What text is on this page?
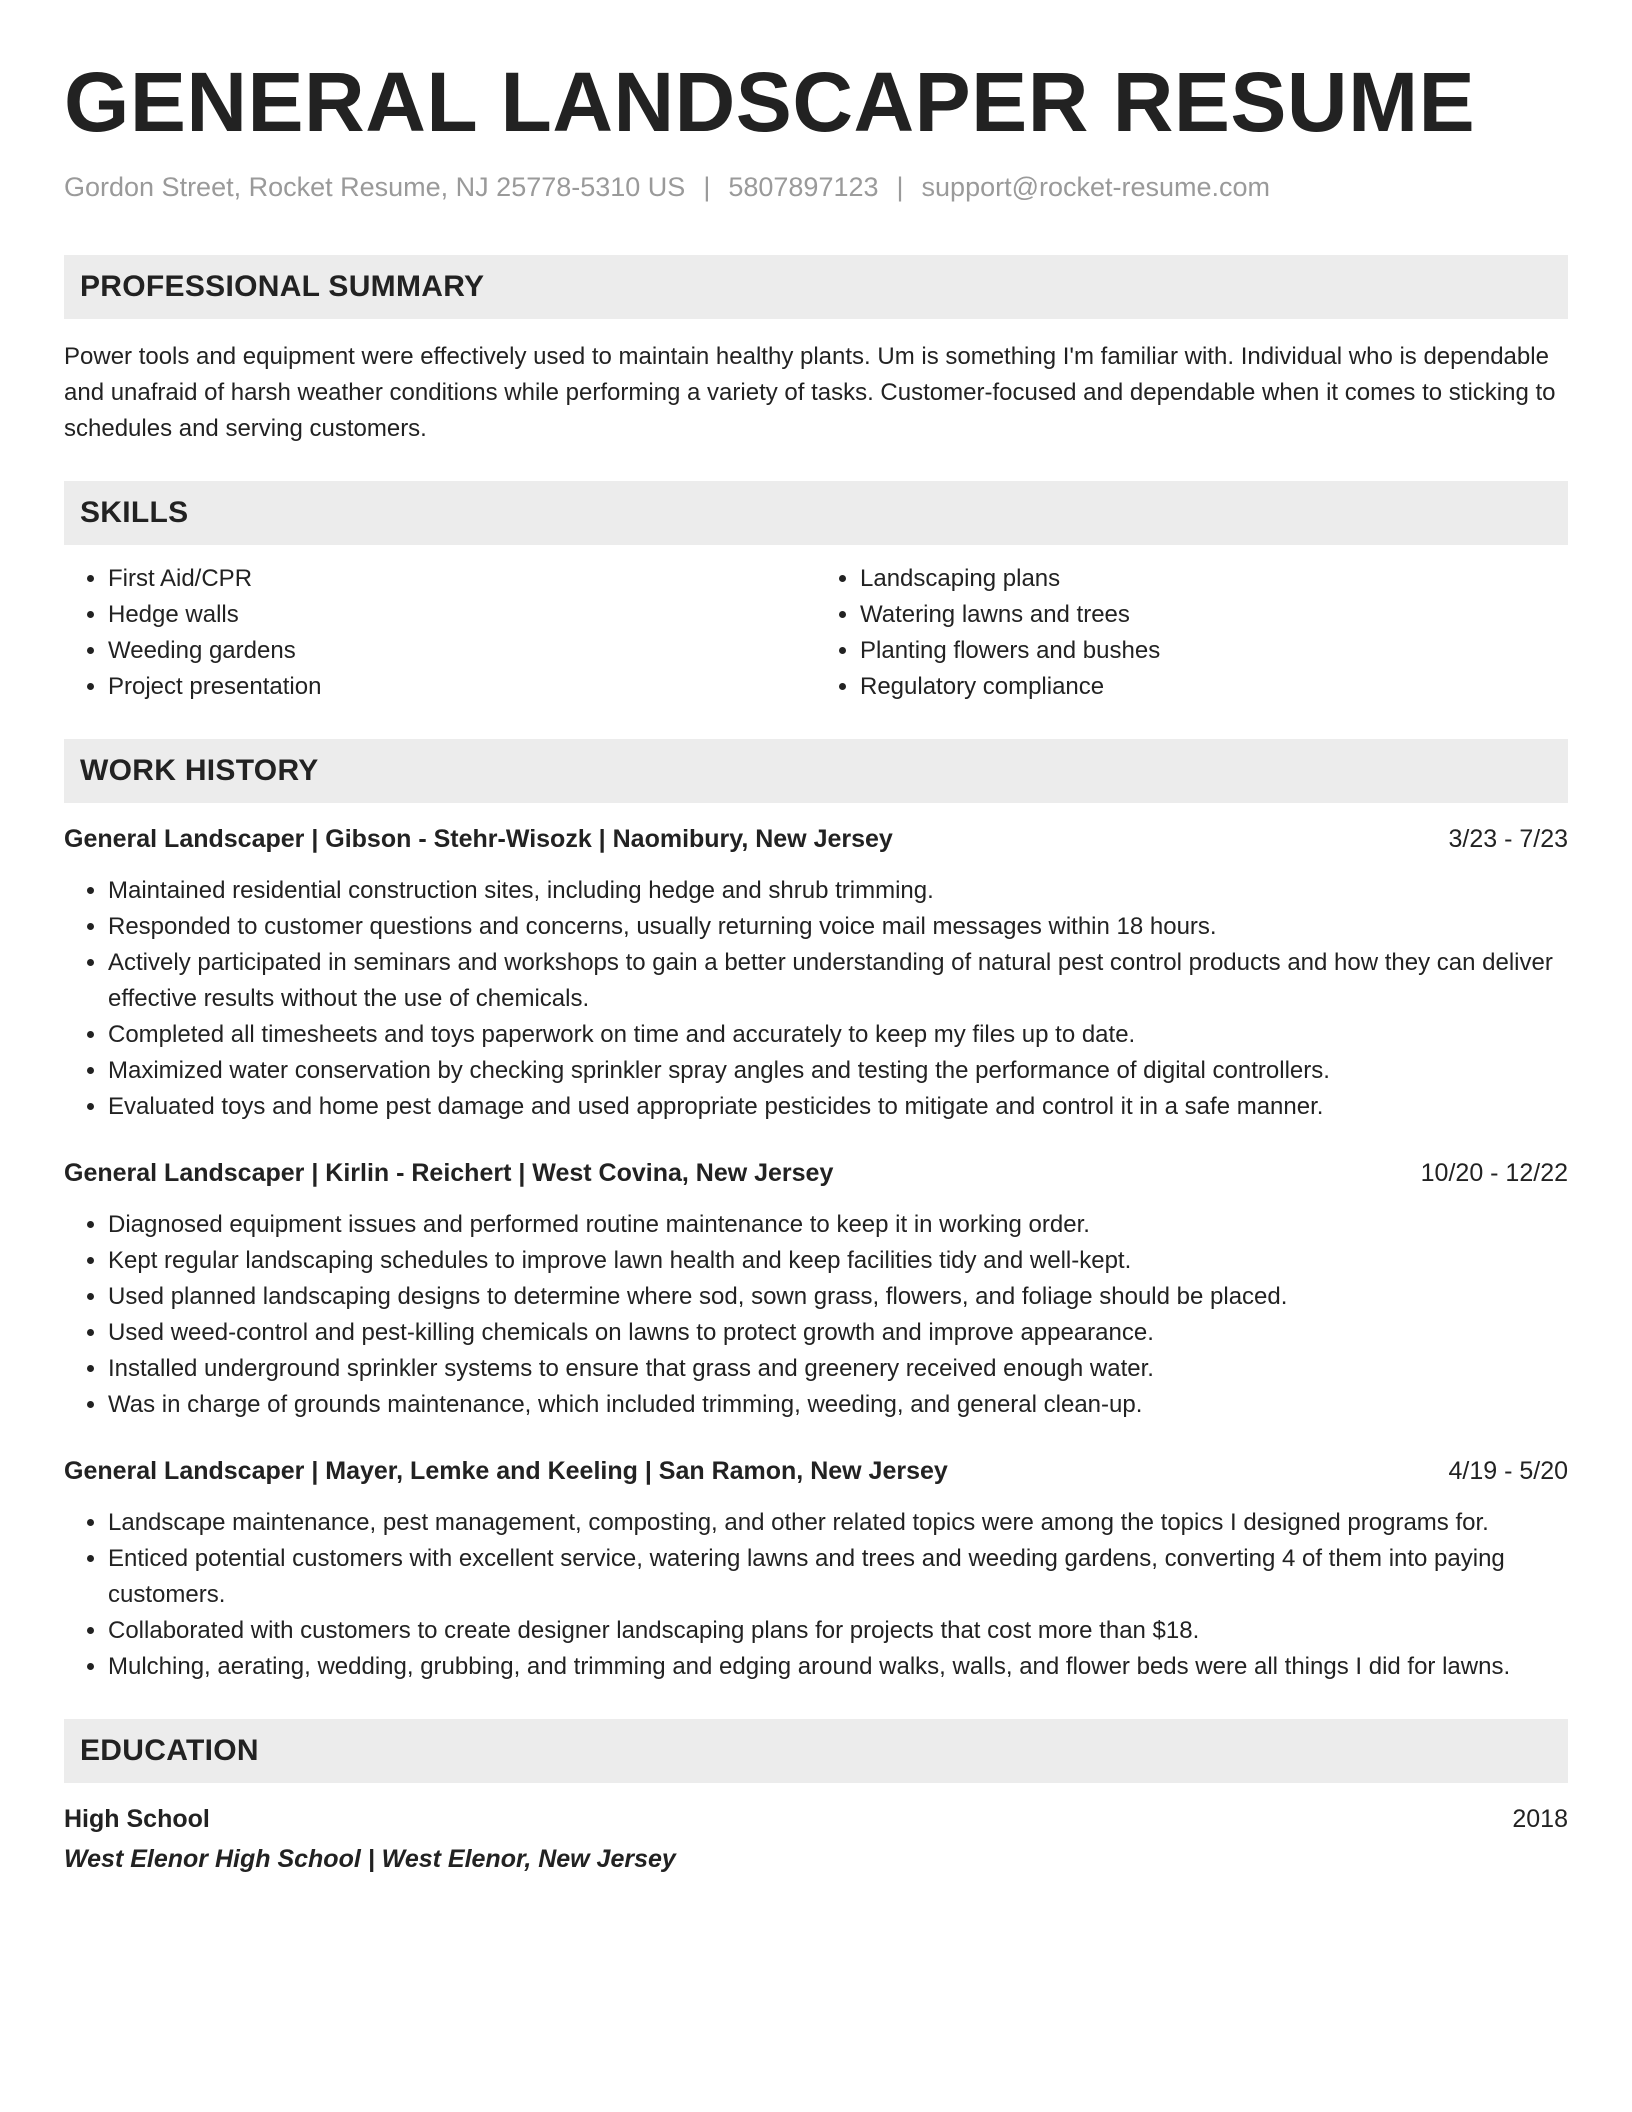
GENERAL LANDSCAPER RESUME
Gordon Street, Rocket Resume, NJ 25778-5310 US | 5807897123 | support@rocket-resume.com
PROFESSIONAL SUMMARY

Power tools and equipment were effectively used to maintain healthy plants. Um is something I'm familiar with. Individual who is dependable and unafraid of harsh weather conditions while performing a variety of tasks. Customer-focused and dependable when it comes to sticking to schedules and serving customers.

SKILLS
• First Aid/CPR
• Hedge walls
• Weeding gardens
• Project presentation
• Landscaping plans
• Watering lawns and trees
• Planting flowers and bushes
• Regulatory compliance
WORK HISTORY
General Landscaper | Gibson - Stehr-Wisozk | Naomibury, New Jersey	3/23 - 7/23
• Maintained residential construction sites, including hedge and shrub trimming.
• Responded to customer questions and concerns, usually returning voice mail messages within 18 hours.
• Actively participated in seminars and workshops to gain a better understanding of natural pest control products and how they can deliver effective results without the use of chemicals.
• Completed all timesheets and toys paperwork on time and accurately to keep my files up to date.
• Maximized water conservation by checking sprinkler spray angles and testing the performance of digital controllers.
• Evaluated toys and home pest damage and used appropriate pesticides to mitigate and control it in a safe manner.
General Landscaper | Kirlin - Reichert | West Covina, New Jersey	10/20 - 12/22
• Diagnosed equipment issues and performed routine maintenance to keep it in working order.
• Kept regular landscaping schedules to improve lawn health and keep facilities tidy and well-kept.
• Used planned landscaping designs to determine where sod, sown grass, flowers, and foliage should be placed.
• Used weed-control and pest-killing chemicals on lawns to protect growth and improve appearance.
• Installed underground sprinkler systems to ensure that grass and greenery received enough water.
• Was in charge of grounds maintenance, which included trimming, weeding, and general clean-up.
General Landscaper | Mayer, Lemke and Keeling | San Ramon, New Jersey	4/19 - 5/20
• Landscape maintenance, pest management, composting, and other related topics were among the topics I designed programs for.
• Enticed potential customers with excellent service, watering lawns and trees and weeding gardens, converting 4 of them into paying customers.
• Collaborated with customers to create designer landscaping plans for projects that cost more than $18.
• Mulching, aerating, wedding, grubbing, and trimming and edging around walks, walls, and flower beds were all things I did for lawns.
EDUCATION
High School	2018
West Elenor High School | West Elenor, New Jersey
